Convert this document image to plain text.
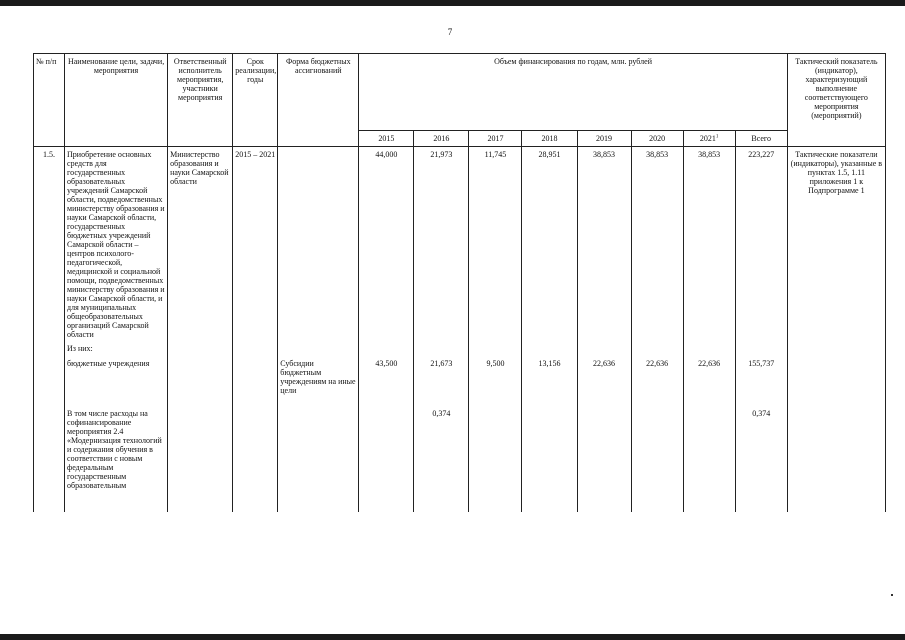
7
№ п/п	Наименование цели, задачи, мероприятия	Ответственный исполнитель мероприятия, участники мероприятия	Срок реализации, годы	Форма бюджетных ассигнований	Объем финансирования по годам, млн. рублей								Тактический показатель (индикатор), характеризующий выполнение соответствующего мероприятия (мероприятий)
					2015	2016	2017	2018	2019	2020	2021$^1$	Всего	
1.5.	Приобретение основных средств для государственных образовательных учреждений Самарской области, подведомственных министерству образования и науки Самарской области, государственных бюджетных учреждений Самарской области – центров психолого-педагогической, медицинской и социальной помощи, подведомственных министерству образования и науки Самарской области, и для муниципальных общеобразовательных организаций Самарской области	Министерство образования и науки Самарской области	2015 – 2021		44,000	21,973	11,745	28,951	38,853	38,853	38,853	223,227	Тактические показатели (индикаторы), указанные в пунктах 1.5, 1.11 приложения 1 к Подпрограмме 1
	Из них:												
	бюджетные учреждения			Субсидии бюджетным учреждениям на иные цели	43,500	21,673	9,500	13,156	22,636	22,636	22,636	155,737	
	В том числе расходы на софинансирование мероприятия 2.4 «Модернизация технологий и содержания обучения в соответствии с новым федеральным государственным образовательным					0,374						0,374	
